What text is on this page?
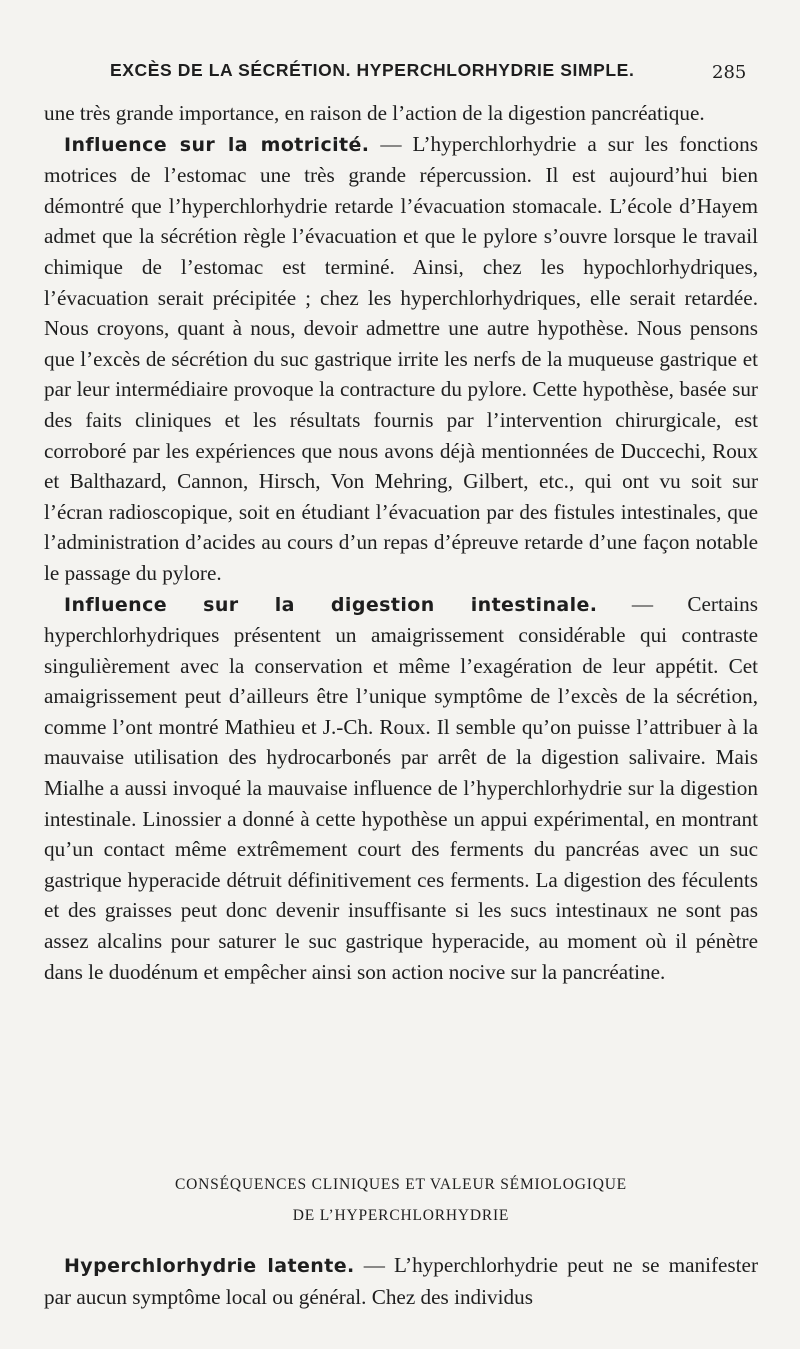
EXCÈS DE LA SÉCRÉTION. HYPERCHLORHYDRIE SIMPLE.	285

une très grande importance, en raison de l’action de la digestion pancréatique.

Influence sur la motricité. — L’hyperchlorhydrie a sur les fonctions motrices de l’estomac une très grande répercussion. Il est aujourd’hui bien démontré que l’hyperchlorhydrie retarde l’évacuation stomacale. L’école d’Hayem admet que la sécrétion règle l’évacuation et que le pylore s’ouvre lorsque le travail chimique de l’estomac est terminé. Ainsi, chez les hypochlorhydriques, l’évacuation serait précipitée ; chez les hyperchlorhydriques, elle serait retardée. Nous croyons, quant à nous, devoir admettre une autre hypothèse. Nous pensons que l’excès de sécrétion du suc gastrique irrite les nerfs de la muqueuse gastrique et par leur intermédiaire provoque la contracture du pylore. Cette hypothèse, basée sur des faits cliniques et les résultats fournis par l’intervention chirurgicale, est corroboré par les expériences que nous avons déjà mentionnées de Duccechi, Roux et Balthazard, Cannon, Hirsch, Von Mehring, Gilbert, etc., qui ont vu soit sur l’écran radioscopique, soit en étudiant l’évacuation par des fistules intestinales, que l’administration d’acides au cours d’un repas d’épreuve retarde d’une façon notable le passage du pylore.

Influence sur la digestion intestinale. — Certains hyperchlorhydriques présentent un amaigrissement considérable qui contraste singulièrement avec la conservation et même l’exagération de leur appétit. Cet amaigrissement peut d’ailleurs être l’unique symptôme de l’excès de la sécrétion, comme l’ont montré Mathieu et J.-Ch. Roux. Il semble qu’on puisse l’attribuer à la mauvaise utilisation des hydrocarbonés par arrêt de la digestion salivaire. Mais Mialhe a aussi invoqué la mauvaise influence de l’hyperchlorhydrie sur la digestion intestinale. Linossier a donné à cette hypothèse un appui expérimental, en montrant qu’un contact même extrêmement court des ferments du pancréas avec un suc gastrique hyperacide détruit définitivement ces ferments. La digestion des féculents et des graisses peut donc devenir insuffisante si les sucs intestinaux ne sont pas assez alcalins pour saturer le suc gastrique hyperacide, au moment où il pénètre dans le duodénum et empêcher ainsi son action nocive sur la pancréatine.

CONSÉQUENCES CLINIQUES ET VALEUR SÉMIOLOGIQUE
DE L’HYPERCHLORHYDRIE

Hyperchlorhydrie latente. — L’hyperchlorhydrie peut ne se manifester par aucun symptôme local ou général. Chez des individus
